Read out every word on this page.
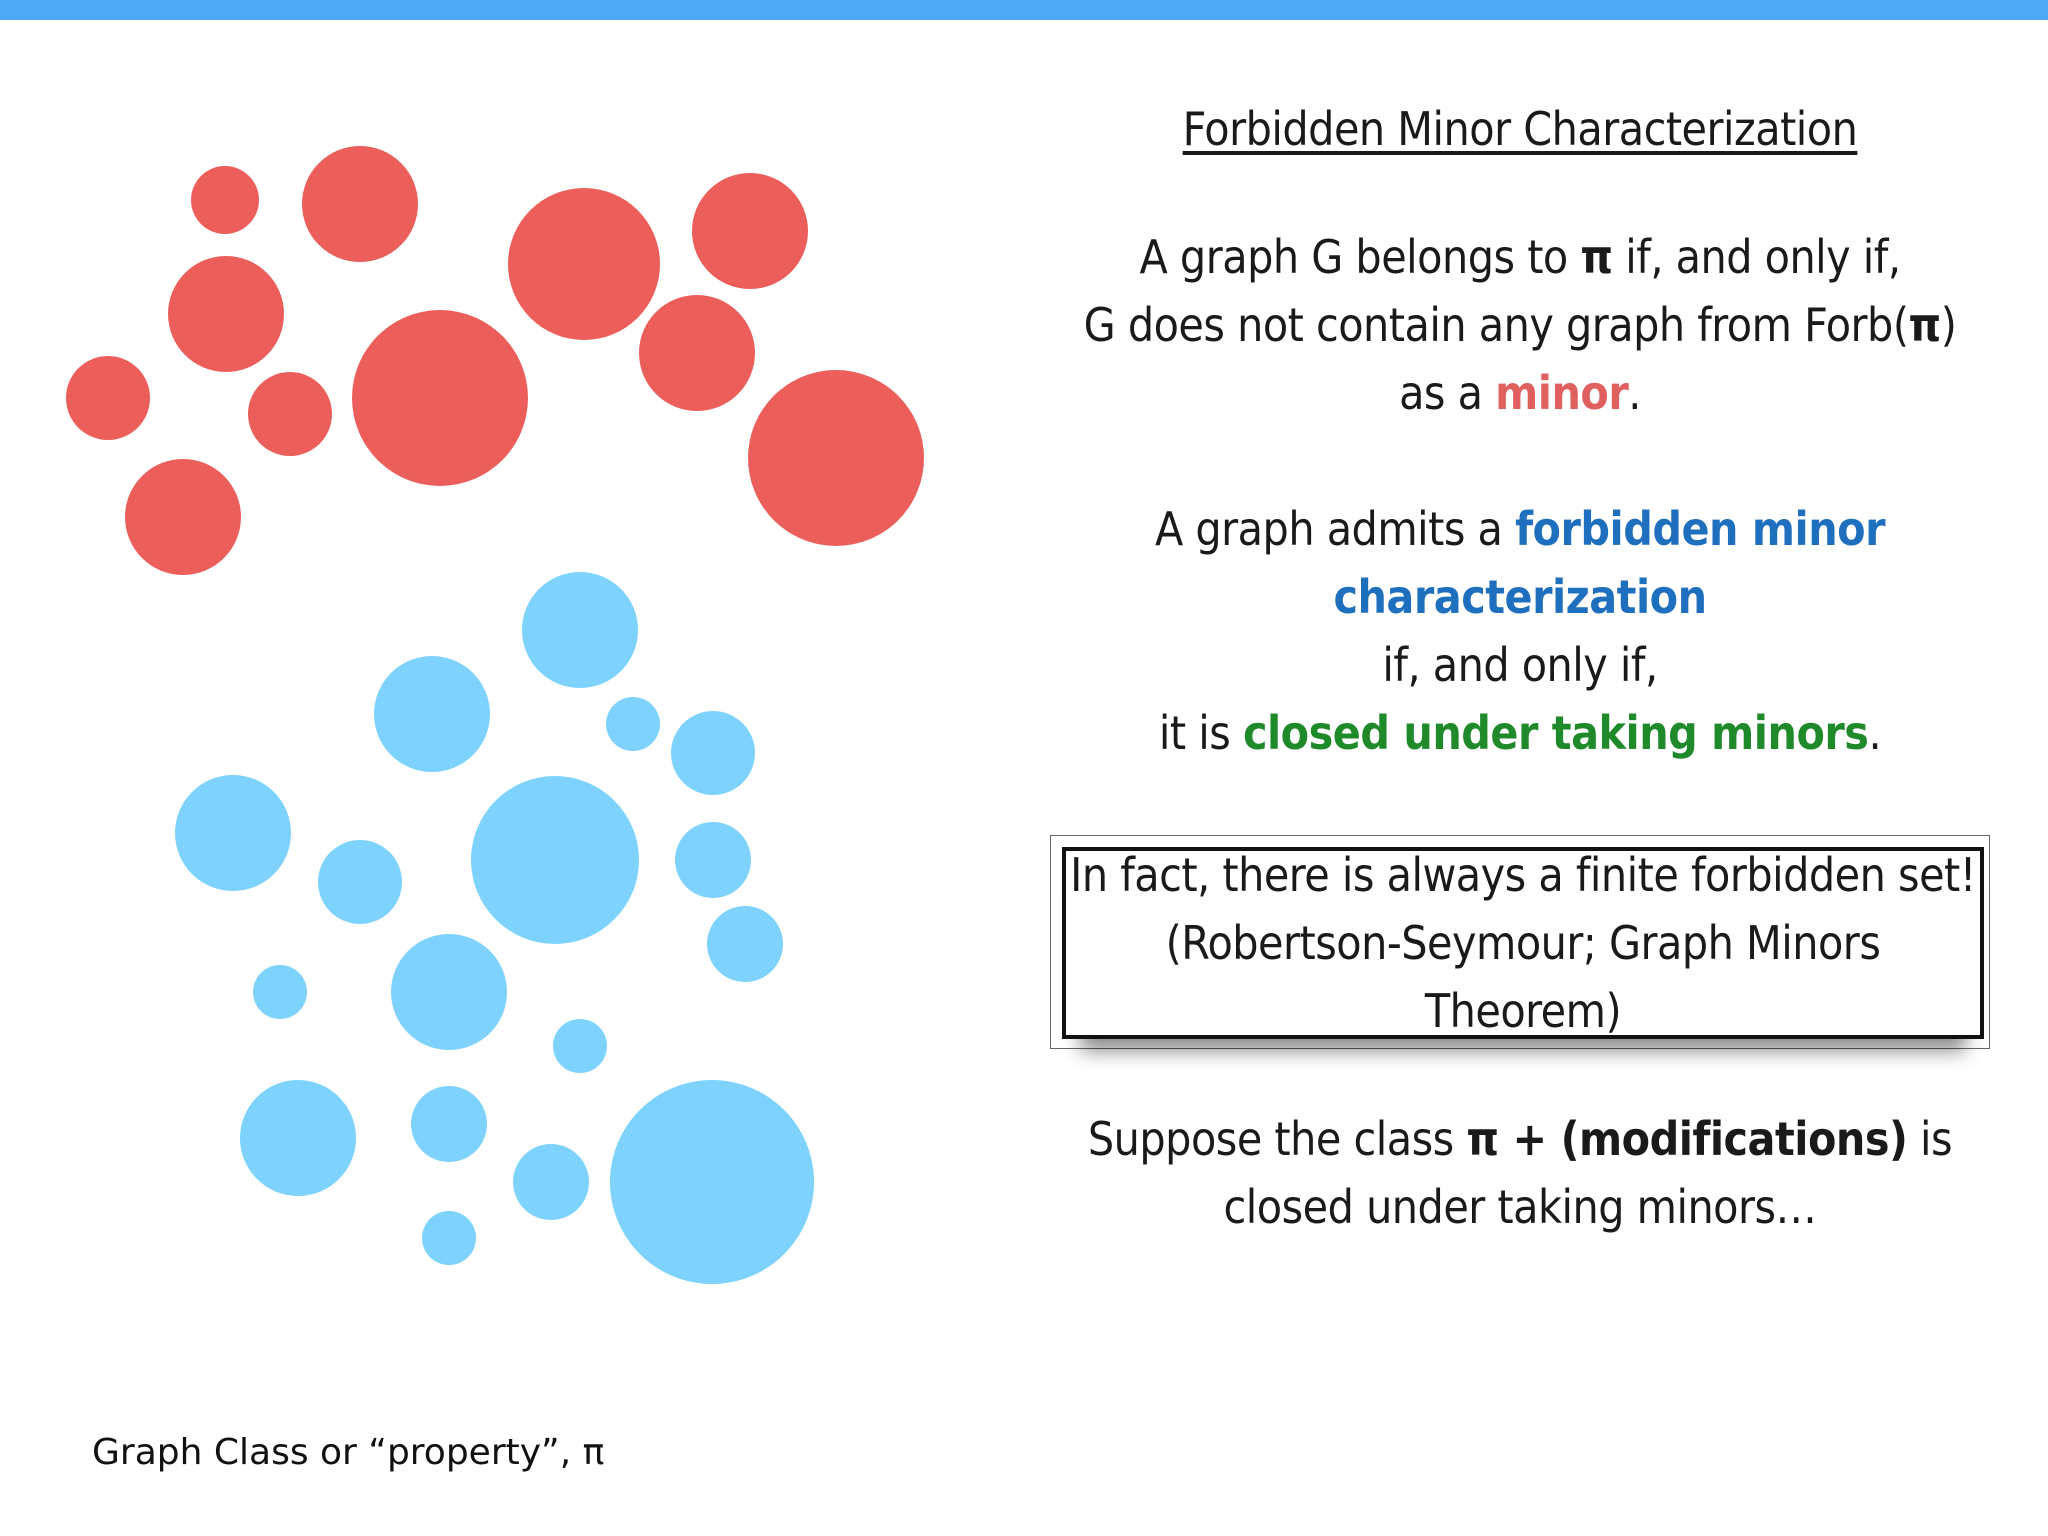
Forbidden Minor Characterization

A graph G belongs to π if, and only if,

G does not contain any graph from Forb(π)

as a minor.

A graph admits a forbidden minor characterization

if, and only if,

it is closed under taking minors.

In fact, there is always a finite forbidden set!

(Robertson-Seymour; Graph Minors Theorem)

Suppose the class π + (modifications) is

closed under taking minors…

Graph Class or “property”, π
